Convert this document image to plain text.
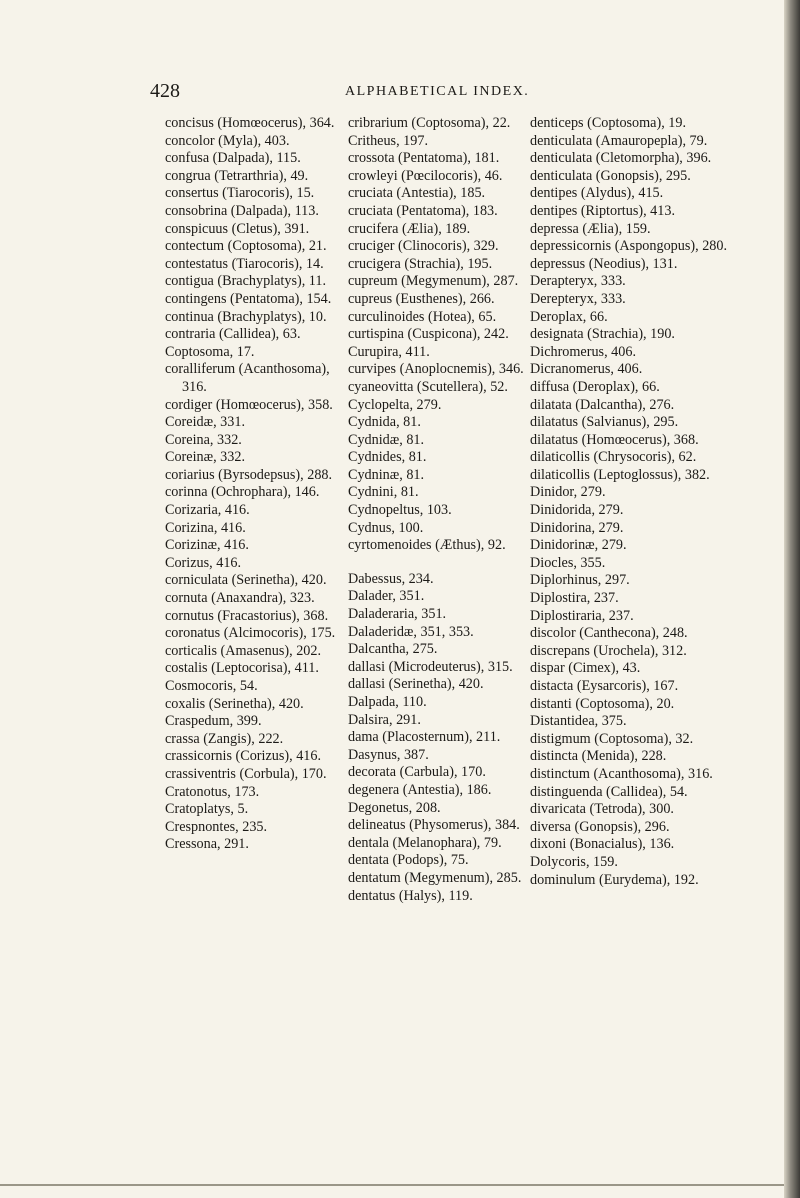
428	ALPHABETICAL INDEX.

concisus (Homœocerus), 364.

concolor (Myla), 403.

confusa (Dalpada), 115.

congrua (Tetrarthria), 49.

consertus (Tiarocoris), 15.

consobrina (Dalpada), 113.

conspicuus (Cletus), 391.

contectum (Coptosoma), 21.

contestatus (Tiarocoris), 14.

contigua (Brachyplatys), 11.

contingens (Pentatoma), 154.

continua (Brachyplatys), 10.

contraria (Callidea), 63.

Coptosoma, 17.

coralliferum (Acanthosoma), 316.

cordiger (Homœocerus), 358.

Coreidæ, 331.

Coreina, 332.

Coreinæ, 332.

coriarius (Byrsodepsus), 288.

corinna (Ochrophara), 146.

Corizaria, 416.

Corizina, 416.

Corizinæ, 416.

Corizus, 416.

corniculata (Serinetha), 420.

cornuta (Anaxandra), 323.

cornutus (Fracastorius), 368.

coronatus (Alcimocoris), 175.

corticalis (Amasenus), 202.

costalis (Leptocorisa), 411.

Cosmocoris, 54.

coxalis (Serinetha), 420.

Craspedum, 399.

crassa (Zangis), 222.

crassicornis (Corizus), 416.

crassiventris (Corbula), 170.

Cratonotus, 173.

Cratoplatys, 5.

Crespnontes, 235.

Cressona, 291.

cribrarium (Coptosoma), 22.

Critheus, 197.

crossota (Pentatoma), 181.

crowleyi (Pœcilocoris), 46.

cruciata (Antestia), 185.

cruciata (Pentatoma), 183.

crucifera (Ælia), 189.

cruciger (Clinocoris), 329.

crucigera (Strachia), 195.

cupreum (Megymenum), 287.

cupreus (Eusthenes), 266.

curculinoides (Hotea), 65.

curtispina (Cuspicona), 242.

Curupira, 411.

curvipes (Anoplocnemis), 346.

cyaneovitta (Scutellera), 52.

Cyclopelta, 279.

Cydnida, 81.

Cydnidæ, 81.

Cydnides, 81.

Cydninæ, 81.

Cydnini, 81.

Cydnopeltus, 103.

Cydnus, 100.

cyrtomenoides (Æthus), 92.

Dabessus, 234.

Dalader, 351.

Daladeraria, 351.

Daladeridæ, 351, 353.

Dalcantha, 275.

dallasi (Microdeuterus), 315.

dallasi (Serinetha), 420.

Dalpada, 110.

Dalsira, 291.

dama (Placosternum), 211.

Dasynus, 387.

decorata (Carbula), 170.

degenera (Antestia), 186.

Degonetus, 208.

delineatus (Physomerus), 384.

dentala (Melanophara), 79.

dentata (Podops), 75.

dentatum (Megymenum), 285.

dentatus (Halys), 119.

denticeps (Coptosoma), 19.

denticulata (Amauropepla), 79.

denticulata (Cletomorpha), 396.

denticulata (Gonopsis), 295.

dentipes (Alydus), 415.

dentipes (Riptortus), 413.

depressa (Ælia), 159.

depressicornis (Aspongopus), 280.

depressus (Neodius), 131.

Derapteryx, 333.

Derepteryx, 333.

Deroplax, 66.

designata (Strachia), 190.

Dichromerus, 406.

Dicranomerus, 406.

diffusa (Deroplax), 66.

dilatata (Dalcantha), 276.

dilatatus (Salvianus), 295.

dilatatus (Homœocerus), 368.

dilaticollis (Chrysocoris), 62.

dilaticollis (Leptoglossus), 382.

Dinidor, 279.

Dinidorida, 279.

Dinidorina, 279.

Dinidorinæ, 279.

Diocles, 355.

Diplorhinus, 297.

Diplostira, 237.

Diplostiraria, 237.

discolor (Canthecona), 248.

discrepans (Urochela), 312.

dispar (Cimex), 43.

distacta (Eysarcoris), 167.

distanti (Coptosoma), 20.

Distantidea, 375.

distigmum (Coptosoma), 32.

distincta (Menida), 228.

distinctum (Acanthosoma), 316.

distinguenda (Callidea), 54.

divaricata (Tetroda), 300.

diversa (Gonopsis), 296.

dixoni (Bonacialus), 136.

Dolycoris, 159.

dominulum (Eurydema), 192.
